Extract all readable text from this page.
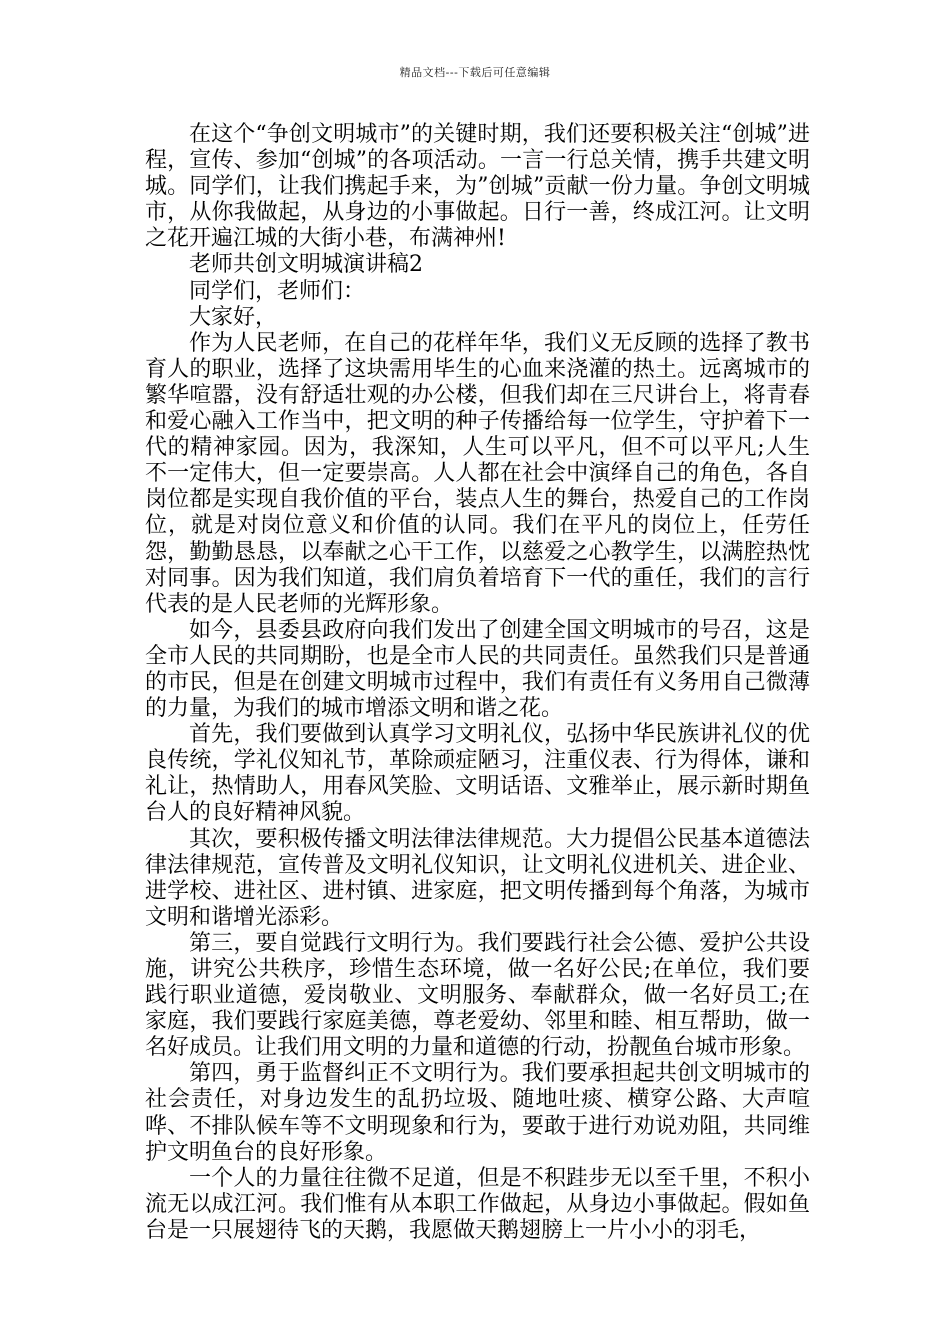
精品文档---下载后可任意编辑

在这个“争创文明城市”的关键时期，我们还要积极关注“创城”进程，宣传、参加“创城”的各项活动。一言一行总关情，携手共建文明城。同学们，让我们携起手来，为”创城”贡献一份力量。争创文明城市，从你我做起，从身边的小事做起。日行一善，终成江河。让文明之花开遍江城的大街小巷，布满神州!

老师共创文明城演讲稿2

同学们，老师们：

大家好，

作为人民老师，在自己的花样年华，我们义无反顾的选择了教书育人的职业，选择了这块需用毕生的心血来浇灌的热土。远离城市的繁华喧嚣，没有舒适壮观的办公楼，但我们却在三尺讲台上，将青春和爱心融入工作当中，把文明的种子传播给每一位学生，守护着下一代的精神家园。因为，我深知，人生可以平凡，但不可以平凡;人生不一定伟大，但一定要崇高。人人都在社会中演绎自己的角色，各自岗位都是实现自我价值的平台，装点人生的舞台，热爱自己的工作岗位，就是对岗位意义和价值的认同。我们在平凡的岗位上，任劳任怨，勤勤恳恳，以奉献之心干工作，以慈爱之心教学生，以满腔热忱对同事。因为我们知道，我们肩负着培育下一代的重任，我们的言行代表的是人民老师的光辉形象。

如今，县委县政府向我们发出了创建全国文明城市的号召，这是全市人民的共同期盼，也是全市人民的共同责任。虽然我们只是普通的市民，但是在创建文明城市过程中，我们有责任有义务用自己微薄的力量，为我们的城市增添文明和谐之花。

首先，我们要做到认真学习文明礼仪，弘扬中华民族讲礼仪的优良传统，学礼仪知礼节，革除顽症陋习，注重仪表、行为得体，谦和礼让，热情助人，用春风笑脸、文明话语、文雅举止，展示新时期鱼台人的良好精神风貌。

其次，要积极传播文明法律法律规范。大力提倡公民基本道德法律法律规范，宣传普及文明礼仪知识，让文明礼仪进机关、进企业、进学校、进社区、进村镇、进家庭，把文明传播到每个角落，为城市文明和谐增光添彩。

第三，要自觉践行文明行为。我们要践行社会公德、爱护公共设施，讲究公共秩序，珍惜生态环境，做一名好公民;在单位，我们要践行职业道德，爱岗敬业、文明服务、奉献群众，做一名好员工;在家庭，我们要践行家庭美德，尊老爱幼、邻里和睦、相互帮助，做一名好成员。让我们用文明的力量和道德的行动，扮靓鱼台城市形象。

第四，勇于监督纠正不文明行为。我们要承担起共创文明城市的社会责任，对身边发生的乱扔垃圾、随地吐痰、横穿公路、大声喧哗、不排队候车等不文明现象和行为，要敢于进行劝说劝阻，共同维护文明鱼台的良好形象。

一个人的力量往往微不足道，但是不积跬步无以至千里，不积小流无以成江河。我们惟有从本职工作做起，从身边小事做起。假如鱼台是一只展翅待飞的天鹅，我愿做天鹅翅膀上一片小小的羽毛，
